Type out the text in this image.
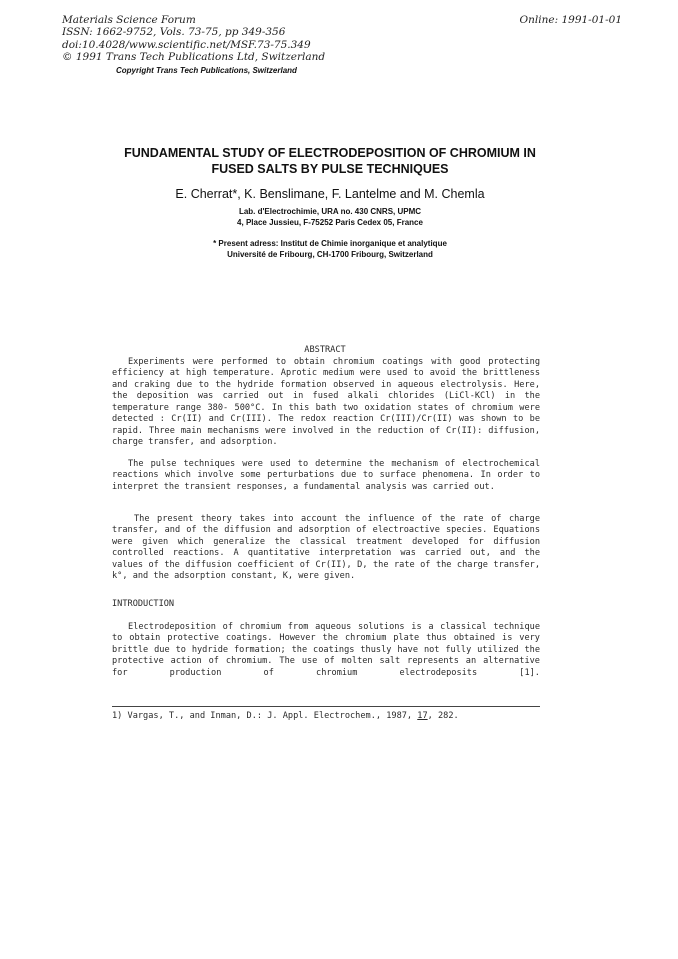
Materials Science Forum
ISSN: 1662-9752, Vols. 73-75, pp 349-356
doi:10.4028/www.scientific.net/MSF.73-75.349
© 1991 Trans Tech Publications Ltd, Switzerland
Online: 1991-01-01
Copyright Trans Tech Publications, Switzerland
FUNDAMENTAL STUDY OF ELECTRODEPOSITION OF CHROMIUM IN
FUSED SALTS BY PULSE TECHNIQUES
E. Cherrat*, K. Benslimane, F. Lantelme and M. Chemla
Lab. d'Electrochimie, URA no. 430 CNRS, UPMC
4, Place Jussieu, F-75252 Paris Cedex 05, France
* Present adress: Institut de Chimie inorganique et analytique
Université de Fribourg, CH-1700 Fribourg, Switzerland
ABSTRACT
Experiments were performed to obtain chromium coatings with good protecting efficiency at high temperature. Aprotic medium were used to avoid the brittleness and craking due to the hydride formation observed in aqueous electrolysis. Here, the deposition was carried out in fused alkali chlorides (LiCl-KCl) in the temperature range 380- 500°C. In this bath two oxidation states of chromium were detected : Cr(II) and Cr(III). The redox reaction Cr(III)/Cr(II) was shown to be rapid. Three main mechanisms were involved in the reduction of Cr(II): diffusion, charge transfer, and adsorption.
The pulse techniques were used to determine the mechanism of electrochemical reactions which involve some perturbations due to surface phenomena. In order to interpret the transient responses, a fundamental analysis was carried out.
The present theory takes into account the influence of the rate of charge transfer, and of the diffusion and adsorption of electroactive species. Equations were given which generalize the classical treatment developed for diffusion controlled reactions. A quantitative interpretation was carried out, and the values of the diffusion coefficient of Cr(II), D, the rate of the charge transfer, k°, and the adsorption constant, K, were given.
INTRODUCTION
Electrodeposition of chromium from aqueous solutions is a classical technique to obtain protective coatings. However the chromium plate thus obtained is very brittle due to hydride formation; the coatings thusly have not fully utilized the protective action of chromium. The use of molten salt represents an alternative for production of chromium electrodeposits [1].
1) Vargas, T., and Inman, D.: J. Appl. Electrochem., 1987, 17, 282.
